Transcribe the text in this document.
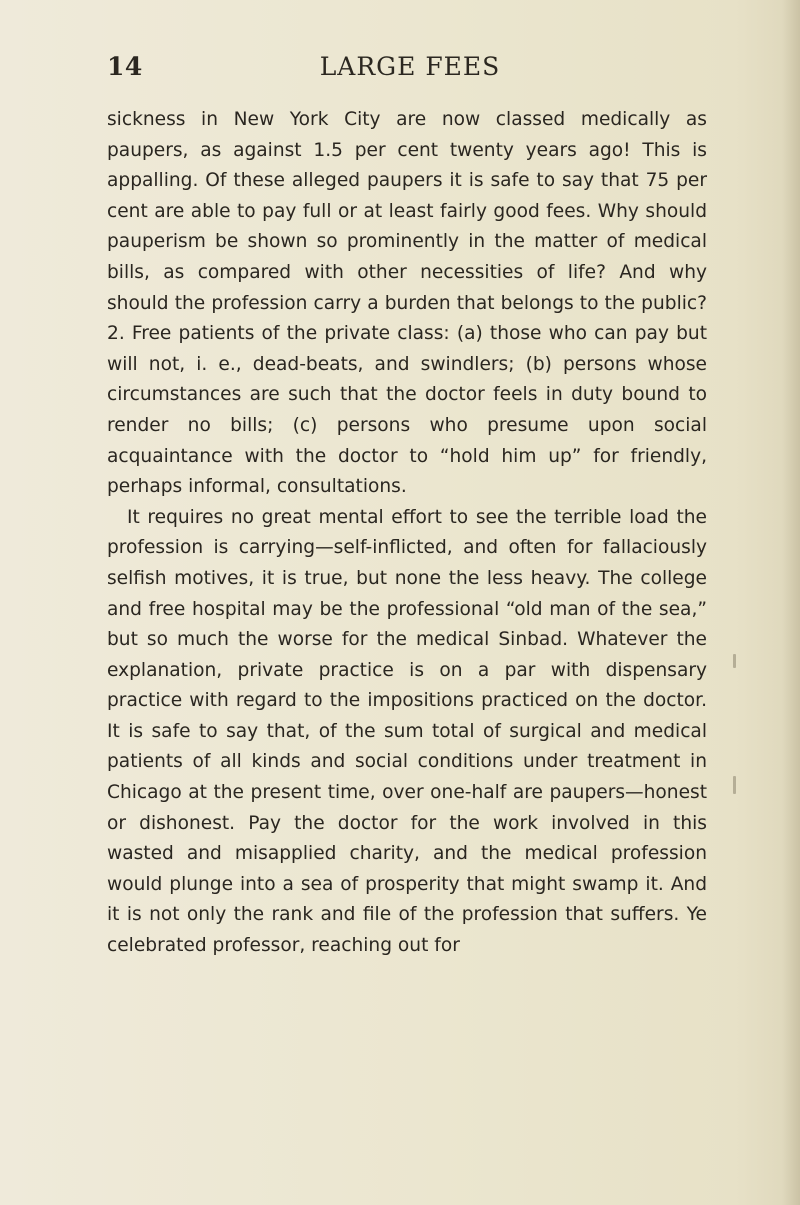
14	LARGE FEES

sickness in New York City are now classed medically as paupers, as against 1.5 per cent twenty years ago! This is appalling. Of these alleged paupers it is safe to say that 75 per cent are able to pay full or at least fairly good fees. Why should pauperism be shown so prominently in the matter of medical bills, as compared with other necessities of life? And why should the profession carry a burden that belongs to the public? 2. Free patients of the private class: (a) those who can pay but will not, i. e., dead-beats, and swindlers; (b) persons whose circumstances are such that the doctor feels in duty bound to render no bills; (c) persons who presume upon social acquaintance with the doctor to “hold him up” for friendly, perhaps informal, consultations.

It requires no great mental effort to see the terrible load the profession is carrying—self-inflicted, and often for fallaciously selfish motives, it is true, but none the less heavy. The college and free hospital may be the professional “old man of the sea,” but so much the worse for the medical Sinbad. Whatever the explanation, private practice is on a par with dispensary practice with regard to the impositions practiced on the doctor. It is safe to say that, of the sum total of surgical and medical patients of all kinds and social conditions under treatment in Chicago at the present time, over one-half are paupers—honest or dishonest. Pay the doctor for the work involved in this wasted and misapplied charity, and the medical profession would plunge into a sea of prosperity that might swamp it. And it is not only the rank and file of the profession that suffers. Ye celebrated professor, reaching out for
